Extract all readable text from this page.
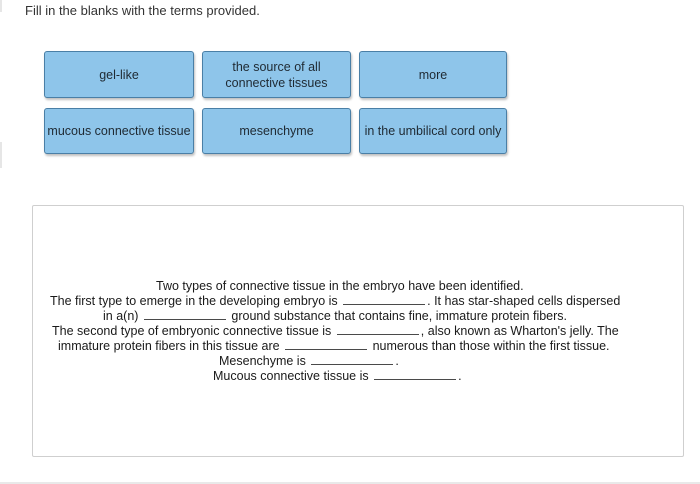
Fill in the blanks with the terms provided.
gel-like
the source of all
connective tissues
more
mucous connective tissue	mesenchyme	in the umbilical cord only
Two types of connective tissue in the embryo have been identified.
The first type to emerge in the developing embryo is	. It has star-shaped cells dispersed
in a(n)	ground substance that contains fine, immature protein fibers.
The second type of embryonic connective tissue is	, also known as Wharton's jelly. The
immature protein fibers in this tissue are	numerous than those within the first tissue.
Mesenchyme is	.
Mucous connective tissue is	.
